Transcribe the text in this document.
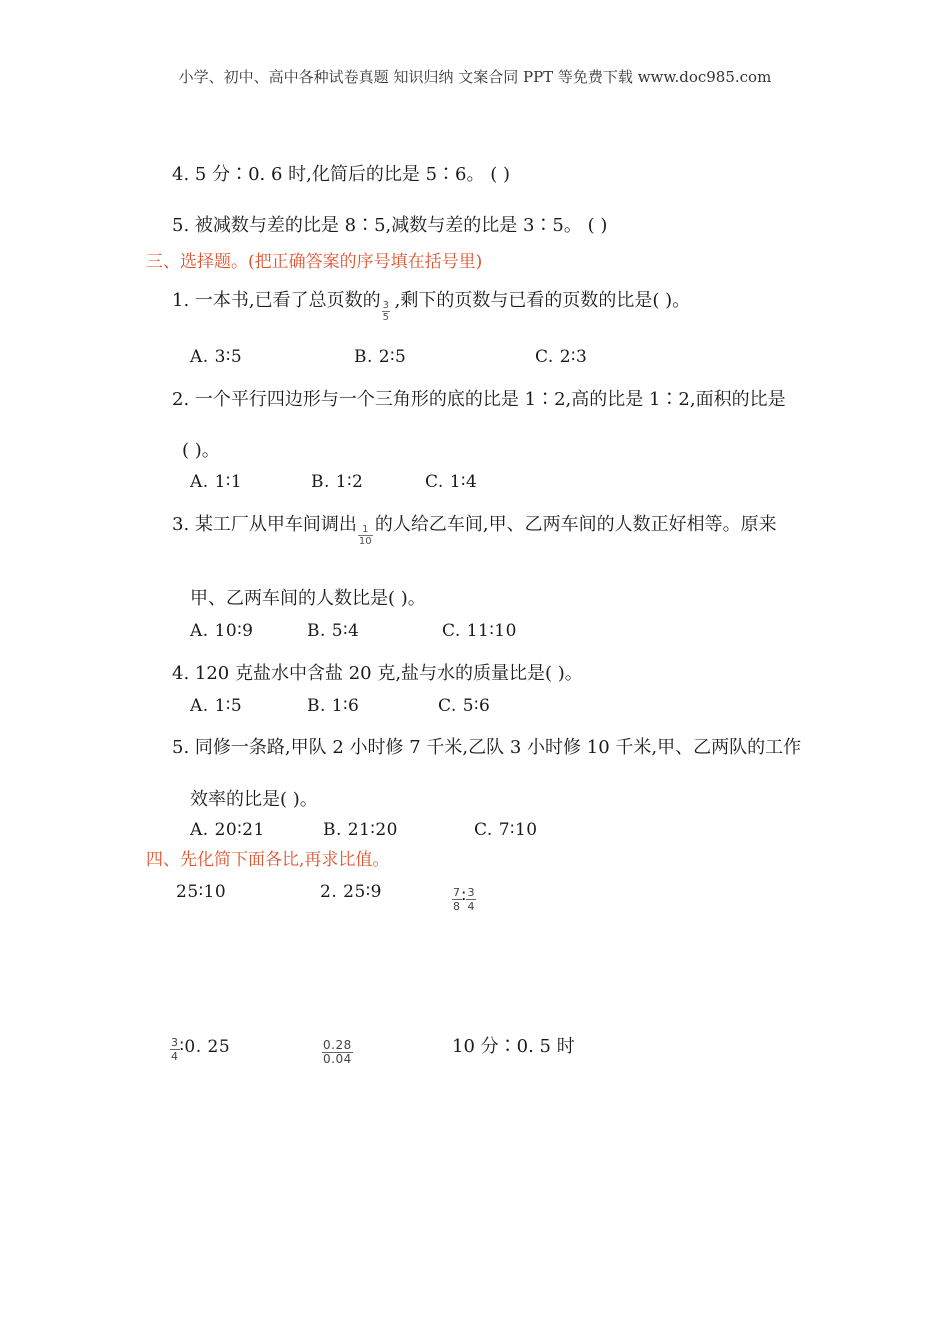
小学、初中、高中各种试卷真题 知识归纳 文案合同 PPT 等免费下载 www.doc985.com
4. 5 分∶0. 6 时,化简后的比是 5∶6。 ( )
5. 被减数与差的比是 8∶5,减数与差的比是 3∶5。 ( )
三、选择题。(把正确答案的序号填在括号里)
1. 一本书,已看了总页数的 $\frac{3}{5}$ ,剩下的页数与已看的页数的比是( )。
A. 3∶5	B. 2∶5	C. 2∶3
2. 一个平行四边形与一个三角形的底的比是 1∶2,高的比是 1∶2,面积的比是
( )。
A. 1∶1	B. 1∶2	C. 1∶4
3. 某工厂从甲车间调出 $\frac{1}{10}$ 的人给乙车间,甲、乙两车间的人数正好相等。原来
甲、乙两车间的人数比是( )。
A. 10∶9	B. 5∶4	C. 11∶10
4. 120 克盐水中含盐 20 克,盐与水的质量比是( )。
A. 1∶5	B. 1∶6	C. 5∶6
5. 同修一条路,甲队 2 小时修 7 千米,乙队 3 小时修 10 千米,甲、乙两队的工作
效率的比是( )。
A. 20∶21	B. 21∶20	C. 7∶10
四、先化简下面各比,再求比值。
25∶10	2. 25∶9	$\frac{7}{8}$ ∶ $\frac{3}{4}$
$\frac{3}{4}$ ∶0. 25	$\frac{0.28}{0.04}$	10 分∶0. 5 时
